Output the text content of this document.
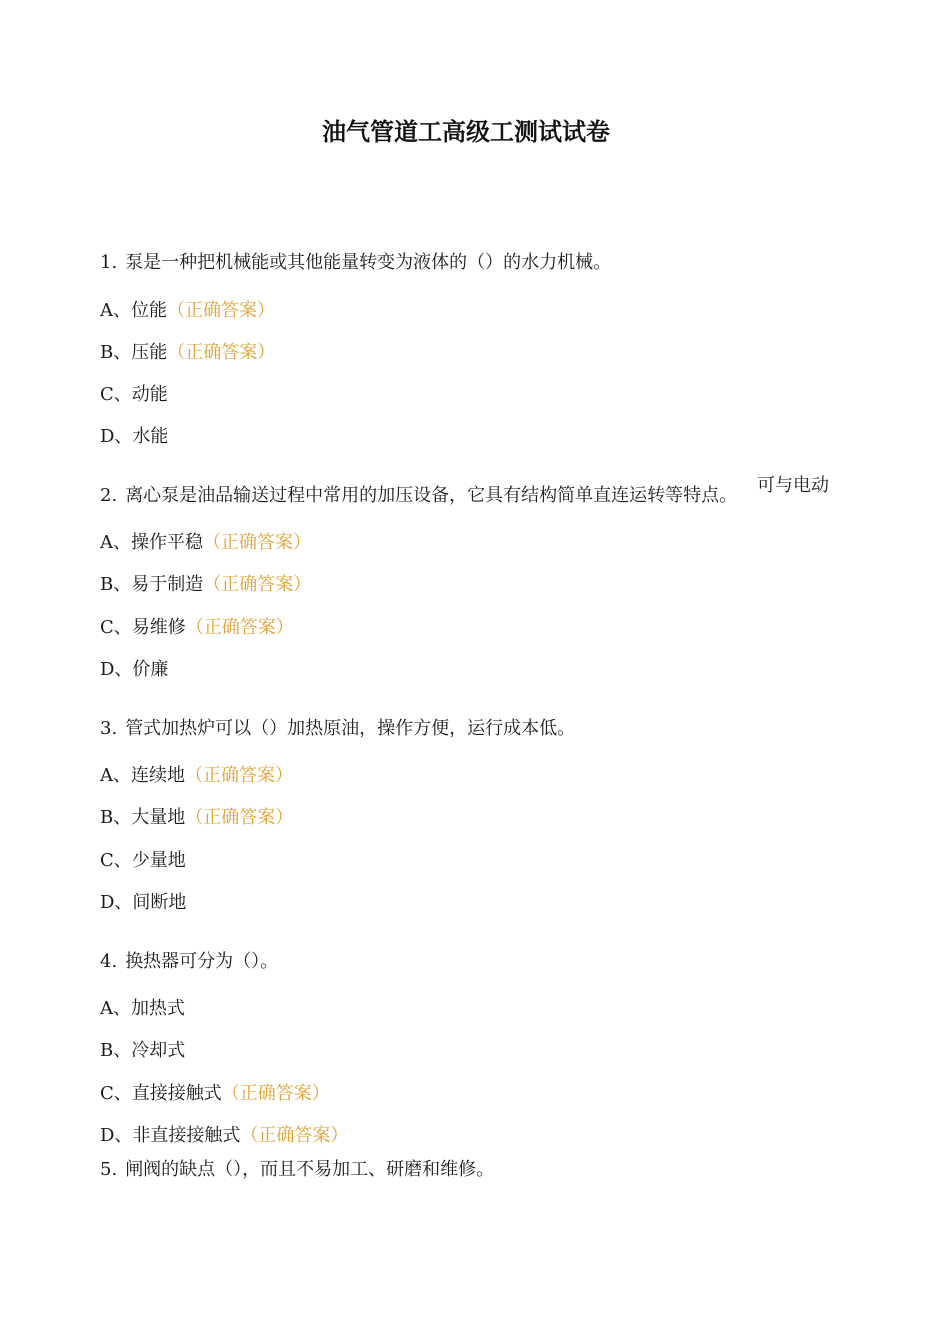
油气管道工高级工测试试卷
1. 泵是一种把机械能或其他能量转变为液体的（）的水力机械。
A、位能（正确答案）
B、压能（正确答案）
C、动能
D、水能
2. 离心泵是油品输送过程中常用的加压设备，它具有结构简单直连运转等特点。 可与电动
A、操作平稳（正确答案）
B、易于制造（正确答案）
C、易维修（正确答案）
D、价廉
3. 管式加热炉可以（）加热原油，操作方便，运行成本低。
A、连续地（正确答案）
B、大量地（正确答案）
C、少量地
D、间断地
4. 换热器可分为（）。
A、加热式
B、冷却式
C、直接接触式（正确答案）
D、非直接接触式（正确答案）
5. 闸阀的缺点（），而且不易加工、研磨和维修。
